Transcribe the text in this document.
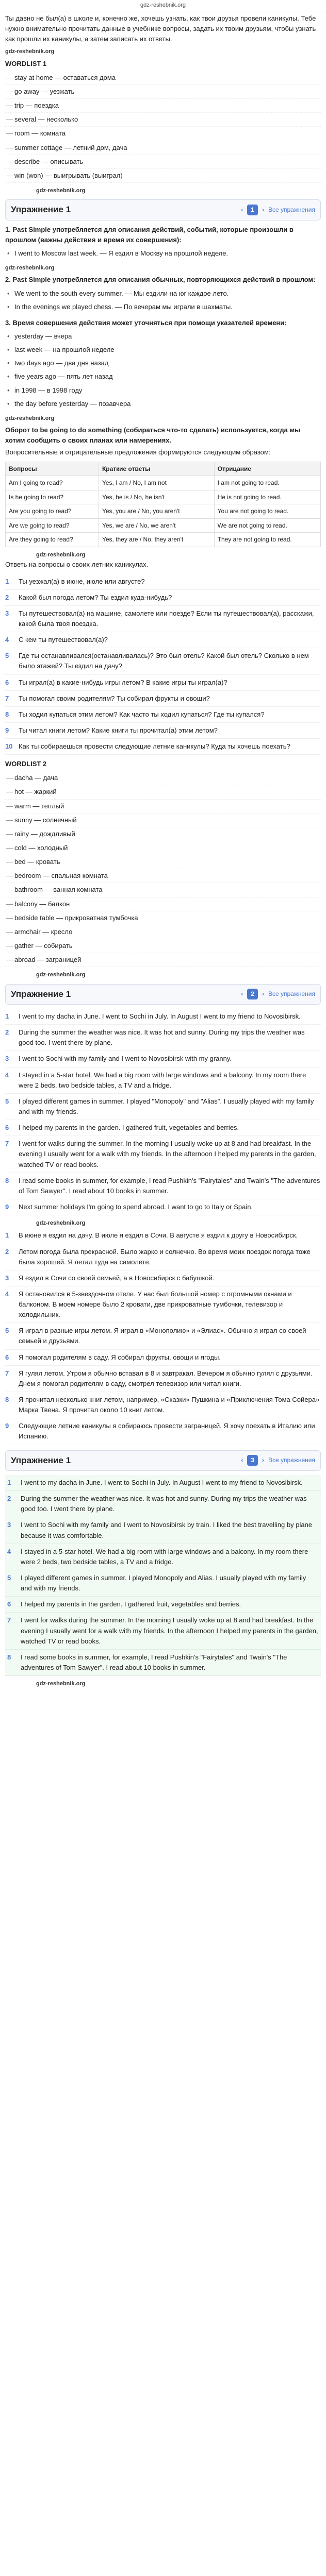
gdz-reshebnik.org

Ты давно не был(а) в школе и, конечно же, хочешь узнать, как твои друзья провели каникулы. Тебе нужно внимательно прочитать данные в учебнике вопросы, задать их твоим друзьям, чтобы узнать как прошли их каникулы, а затем записать их ответы.

gdz-reshebnik.org
WORDLIST 1
— stay at home — оставаться дома
— go away — уезжать
— trip — поездка
— several — несколько
— room — комната
— summer cottage — летний дом, дача
— describe — описывать
— win (won) — выигрывать (выиграл)
gdz-reshebnik.org
Упражнение 1	‹	1	› Все упражнения
1. Past Simple употребляется для описания действий, событий, которые произошли в прошлом (важны действия и время их совершения):
• I went to Moscow last week. — Я ездил в Москву на прошлой неделе.
gdz-reshebnik.org
2. Past Simple употребляется для описания обычных, повторяющихся действий в прошлом:
• We went to the south every summer. — Мы ездили на юг каждое лето.
• In the evenings we played chess. — По вечерам мы играли в шахматы.
3. Время совершения действия может уточняться при помощи указателей времени:
• yesterday — вчера
• last week — на прошлой неделе
• two days ago — два дня назад
• five years ago — пять лет назад
• in 1998 — в 1998 году
• the day before yesterday — позавчера
gdz-reshebnik.org
Оборот to be going to do something (собираться что-то сделать) используется, когда мы хотим сообщить о своих планах или намерениях.

Вопросительные и отрицательные предложения формируются следующим образом:

Вопросы	Краткие ответы	Отрицание
Am I going to read?	Yes, I am / No, I am not	I am not going to read.
Is he going to read?	Yes, he is / No, he isn't	He is not going to read.
Are you going to read?	Yes, you are / No, you aren't	You are not going to read.
Are we going to read?	Yes, we are / No, we aren't	We are not going to read.
Are they going to read?	Yes, they are / No, they aren't	They are not going to read.
gdz-reshebnik.org

Ответь на вопросы о своих летних каникулах.

1	Ты уезжал(а) в июне, июле или августе?
2	Какой был погода летом? Ты ездил куда-нибудь?
3	Ты путешествовал(а) на машине, самолете или поезде? Если ты путешествовал(а), расскажи, какой была твоя поездка.
4	С кем ты путешествовал(а)?
5	Где ты останавливался(останавливалась)? Это был отель? Какой был отель? Сколько в нем было этажей? Ты ездил на дачу?
6	Ты играл(а) в какие-нибудь игры летом? В какие игры ты играл(а)?
7	Ты помогал своим родителям? Ты собирал фрукты и овощи?
8	Ты ходил купаться этим летом? Как часто ты ходил купаться? Где ты купался?
9	Ты читал книги летом? Какие книги ты прочитал(а) этим летом?
10 Как ты собираешься провести следующие летние каникулы? Куда ты хочешь поехать?
WORDLIST 2
— dacha — дача
— hot — жаркий
— warm — теплый
— sunny — солнечный
— rainy — дождливый
— cold — холодный
— bed — кровать
— bedroom — спальная комната
— bathroom — ванная комната
— balcony — балкон
— bedside table — прикроватная тумбочка
— armchair — кресло
— gather — собирать
— abroad — заграницей
gdz-reshebnik.org
Упражнение 1	‹	2	› Все упражнения
1	I went to my dacha in June. I went to Sochi in July. In August I went to my friend to Novosibirsk.
2	During the summer the weather was nice. It was hot and sunny. During my trips the weather was good too. I went there by plane.
3	I went to Sochi with my family and I went to Novosibirsk with my granny.
4	I stayed in a 5-star hotel. We had a big room with large windows and a balcony. In my room there were 2 beds, two bedside tables, a TV and a fridge.
5	I played different games in summer. I played "Monopoly" and "Alias". I usually played with my family and with my friends.
6	I helped my parents in the garden. I gathered fruit, vegetables and berries.
7	I went for walks during the summer. In the morning I usually woke up at 8 and had breakfast. In the evening I usually went for a walk with my friends. In the afternoon I helped my parents in the garden, watched TV or read books.
8	I read some books in summer, for example, I read Pushkin's "Fairytales" and Twain's "The adventures of Tom Sawyer". I read about 10 books in summer.
9	Next summer holidays I'm going to spend abroad. I want to go to Italy or Spain.
gdz-reshebnik.org
1	В июне я ездил на дачу. В июле я ездил в Сочи. В августе я ездил к другу в Новосибирск.
2	Летом погода была прекрасной. Было жарко и солнечно. Во время моих поездок погода тоже была хорошей. Я летал туда на самолете.
3	Я ездил в Сочи со своей семьей, а в Новосибирск с бабушкой.
4	Я остановился в 5-звездочном отеле. У нас был большой номер с огромными окнами и балконом. В моем номере было 2 кровати, две прикроватные тумбочки, телевизор и холодильник.
5	Я играл в разные игры летом. Я играл в «Монополию» и «Элиас». Обычно я играл со своей семьей и друзьями.
6	Я помогал родителям в саду. Я собирал фрукты, овощи и ягоды.
7	Я гулял летом. Утром я обычно вставал в 8 и завтракал. Вечером я обычно гулял с друзьями. Днем я помогал родителям в саду, смотрел телевизор или читал книги.
8	Я прочитал несколько книг летом, например, «Сказки» Пушкина и «Приключения Тома Сойера» Марка Твена. Я прочитал около 10 книг летом.
9	Следующие летние каникулы я собираюсь провести заграницей. Я хочу поехать в Италию или Испанию.
Упражнение 1	‹	3	› Все упражнения
1	I went to my dacha in June. I went to Sochi in July. In August I went to my friend to Novosibirsk.
2	During the summer the weather was nice. It was hot and sunny. During my trips the weather was good too. I went there by plane.
3	I went to Sochi with my family and I went to Novosibirsk by train. I liked the best travelling by plane because it was comfortable.
4	I stayed in a 5-star hotel. We had a big room with large windows and a balcony. In my room there were 2 beds, two bedside tables, a TV and a fridge.
5	I played different games in summer. I played Monopoly and Alias. I usually played with my family and with my friends.
6	I helped my parents in the garden. I gathered fruit, vegetables and berries.
7	I went for walks during the summer. In the morning I usually woke up at 8 and had breakfast. In the evening I usually went for a walk with my friends. In the afternoon I helped my parents in the garden, watched TV or read books.
8	I read some books in summer, for example, I read Pushkin's "Fairytales" and Twain's "The adventures of Tom Sawyer". I read about 10 books in summer.
gdz-reshebnik.org
